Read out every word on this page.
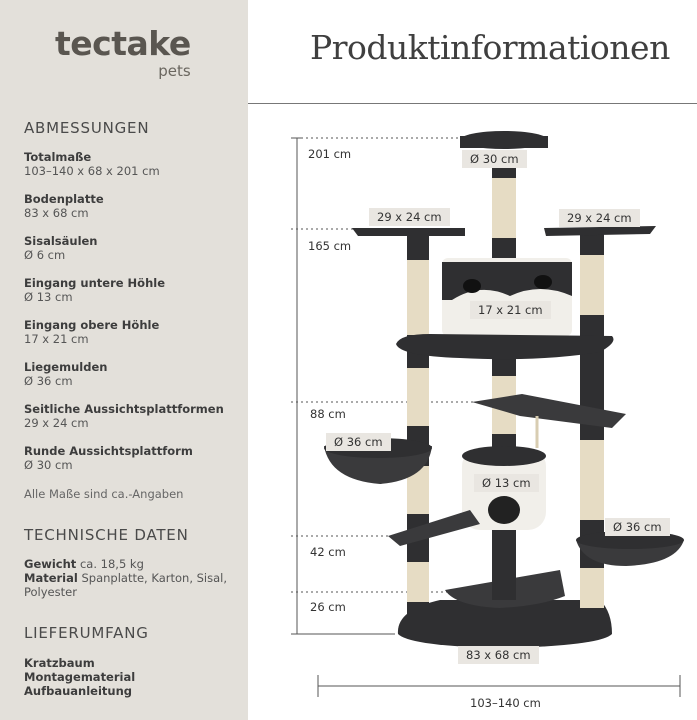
tectake
pets
ABMESSUNGEN
Totalmaße
103–140 x 68 x 201 cm
Bodenplatte
83 x 68 cm
Sisalsäulen
Ø 6 cm
Eingang untere Höhle
Ø 13 cm
Eingang obere Höhle
17 x 21 cm
Liegemulden
Ø 36 cm
Seitliche Aussichtsplattformen
29 x 24 cm
Runde Aussichtsplattform
Ø 30 cm
Alle Maße sind ca.-Angaben
TECHNISCHE DATEN
Gewicht ca. 18,5 kg
Material Spanplatte, Karton, Sisal, Polyester
LIEFERUMFANG
Kratzbaum
Montagematerial
Aufbauanleitung
Produktinformationen
201 cm
165 cm
88 cm
42 cm
26 cm
103–140 cm
Ø 30 cm
29 x 24 cm	29 x 24 cm
17 x 21 cm
Ø 36 cm
Ø 13 cm
Ø 36 cm
83 x 68 cm
